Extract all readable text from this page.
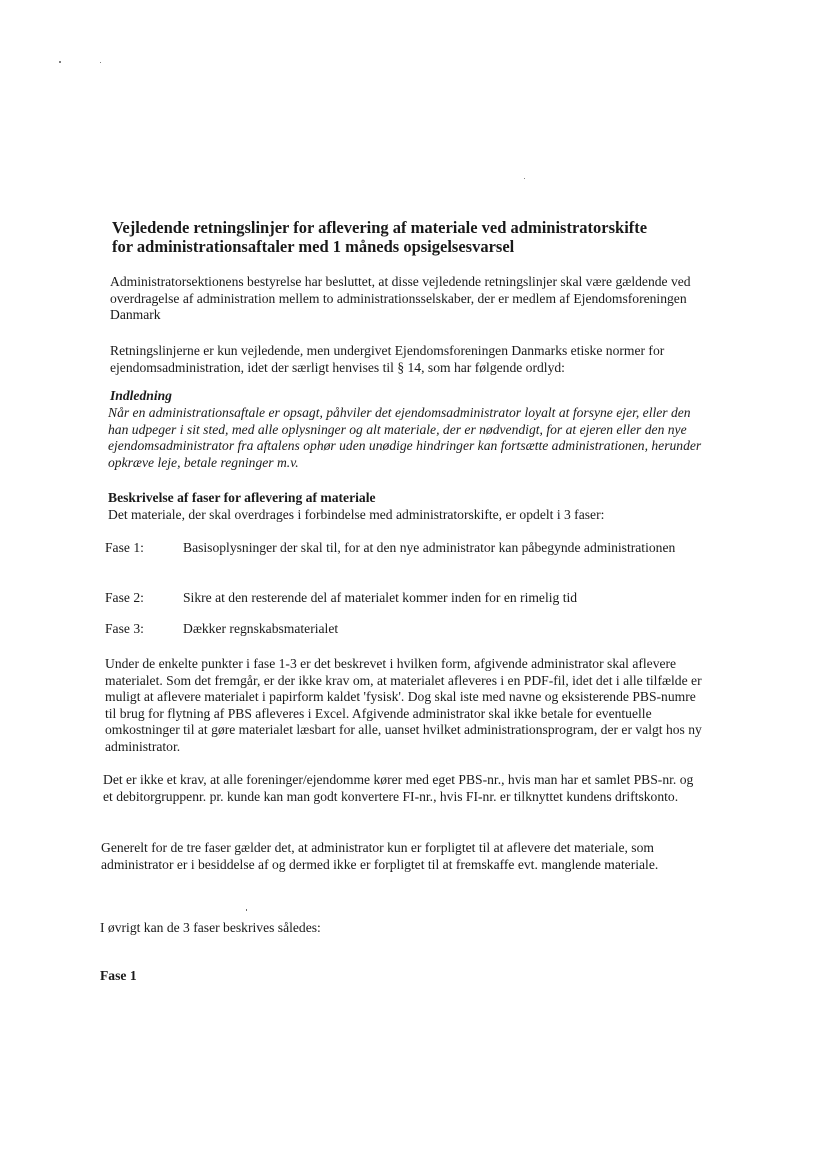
Vejledende retningslinjer for aflevering af materiale ved administratorskifte
for administrationsaftaler med 1 måneds opsigelsesvarsel
Administratorsektionens bestyrelse har besluttet, at disse vejledende retningslinjer skal være gældende ved overdragelse af administration mellem to administrationsselskaber, der er medlem af Ejendomsforeningen Danmark
Retningslinjerne er kun vejledende, men undergivet Ejendomsforeningen Danmarks etiske normer for ejendomsadministration, idet der særligt henvises til § 14, som har følgende ordlyd:
Indledning
Når en administrationsaftale er opsagt, påhviler det ejendomsadministrator loyalt at forsyne ejer, eller den han udpeger i sit sted, med alle oplysninger og alt materiale, der er nødvendigt, for at ejeren eller den nye ejendomsadministrator fra aftalens ophør uden unødige hindringer kan fortsætte administrationen, herunder opkræve leje, betale regninger m.v.
Beskrivelse af faser for aflevering af materiale
Det materiale, der skal overdrages i forbindelse med administratorskifte, er opdelt i 3 faser:
Fase 1:	Basisoplysninger der skal til, for at den nye administrator kan påbegynde administrationen
Fase 2:	Sikre at den resterende del af materialet kommer inden for en rimelig tid
Fase 3:	Dækker regnskabsmaterialet
Under de enkelte punkter i fase 1-3 er det beskrevet i hvilken form, afgivende administrator skal aflevere materialet. Som det fremgår, er der ikke krav om, at materialet afleveres i en PDF-fil, idet det i alle tilfælde er muligt at aflevere materialet i papirform kaldet 'fysisk'. Dog skal iste med navne og eksisterende PBS-numre til brug for flytning af PBS afleveres i Excel. Afgivende administrator skal ikke betale for eventuelle omkostninger til at gøre materialet læsbart for alle, uanset hvilket administrationsprogram, der er valgt hos ny administrator.
Det er ikke et krav, at alle foreninger/ejendomme kører med eget PBS-nr., hvis man har et samlet PBS-nr. og et debitorgruppenr. pr. kunde kan man godt konvertere FI-nr., hvis FI-nr. er tilknyttet kundens driftskonto.
Generelt for de tre faser gælder det, at administrator kun er forpligtet til at aflevere det materiale, som administrator er i besiddelse af og dermed ikke er forpligtet til at fremskaffe evt. manglende materiale.
I øvrigt kan de 3 faser beskrives således:
Fase 1
